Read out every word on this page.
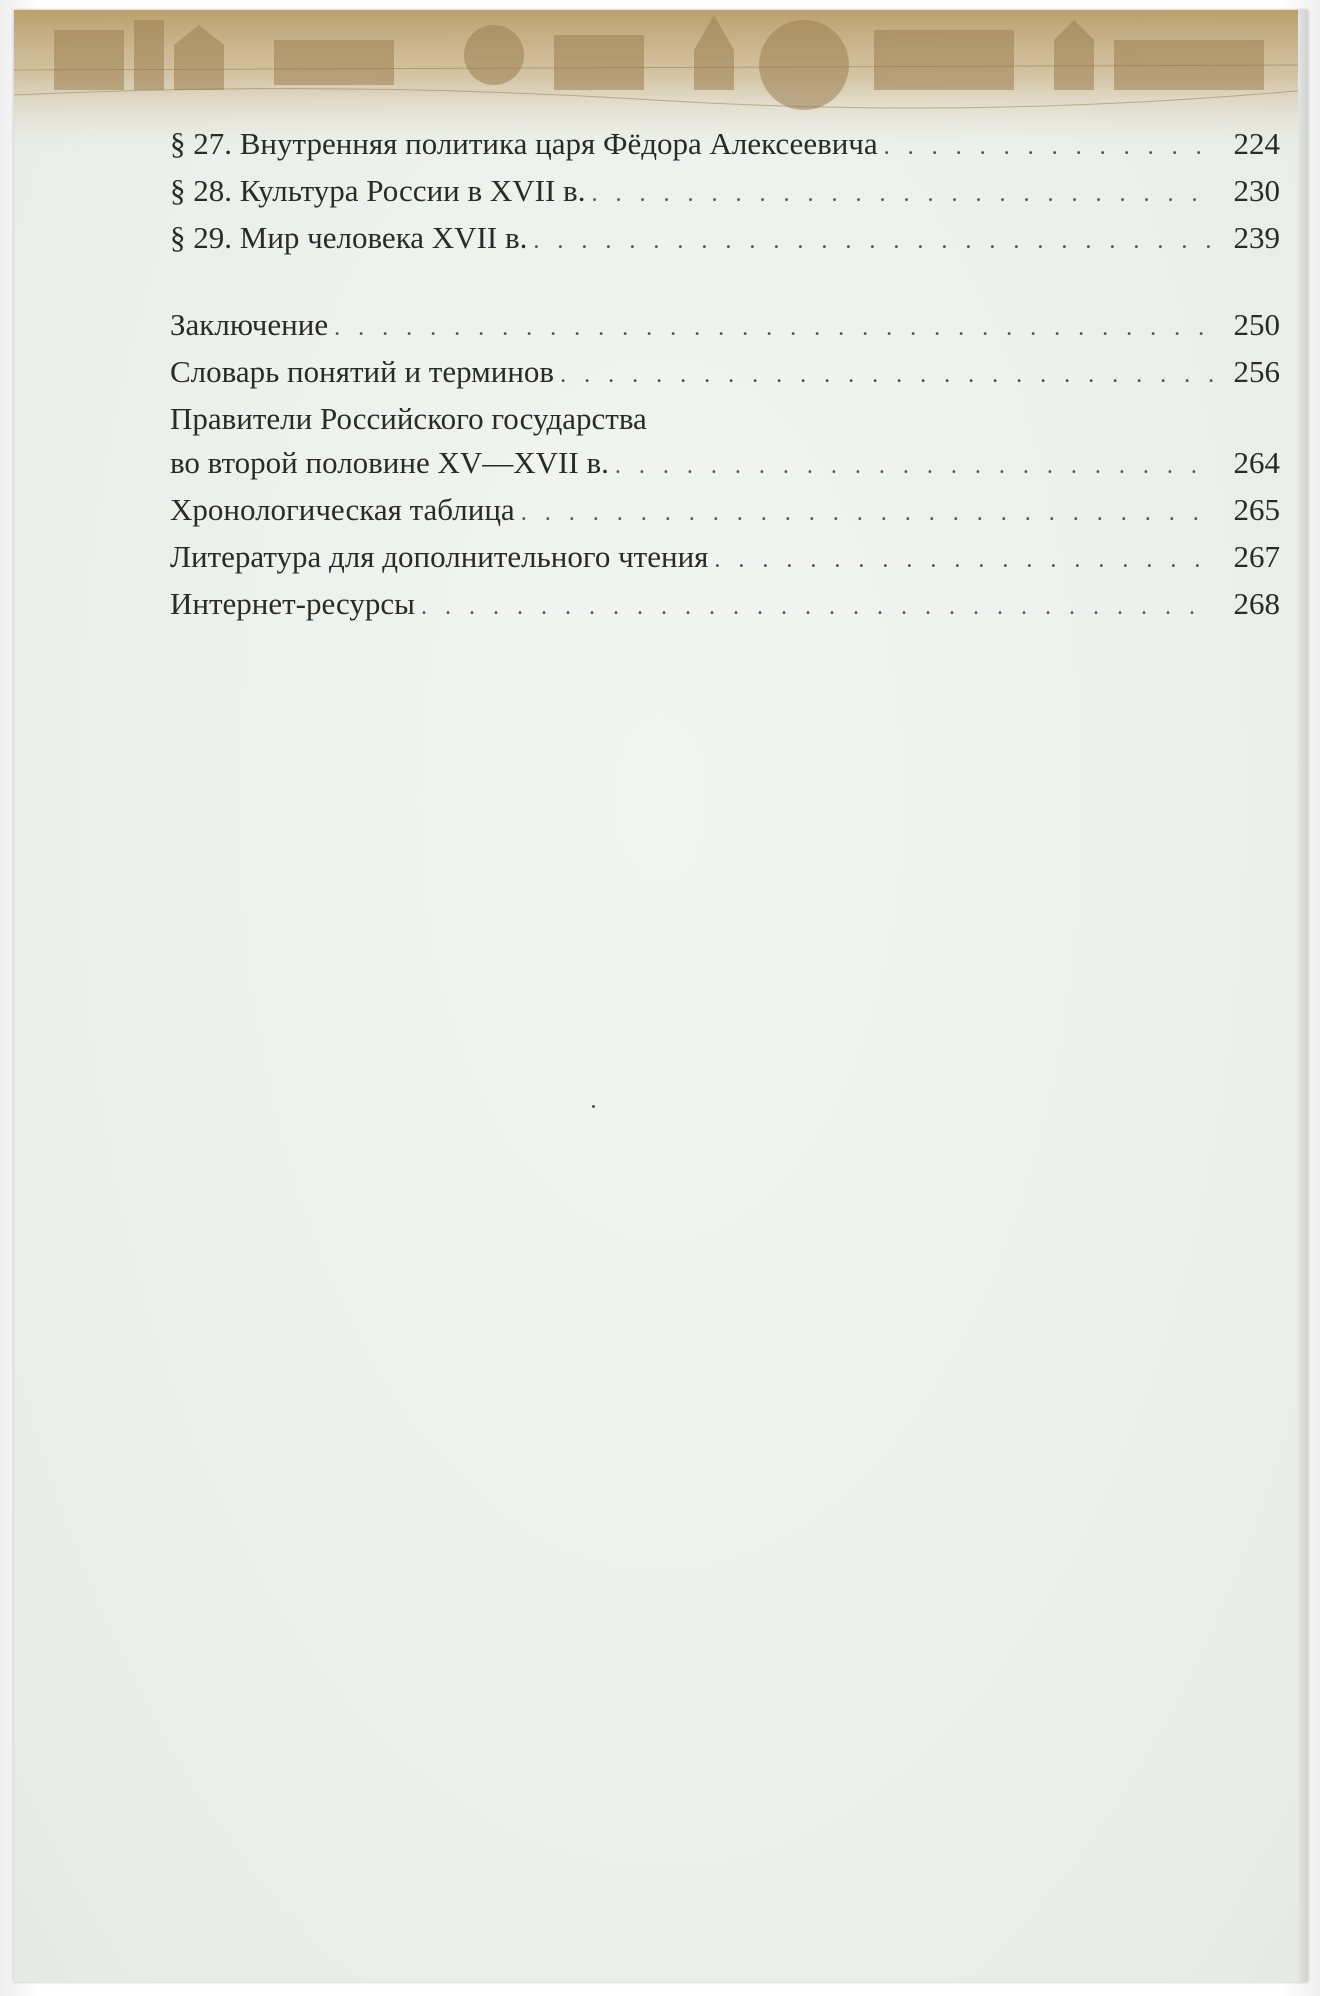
§ 27. Внутренняя политика царя Фёдора Алексеевича . . .	224
§ 28. Культура России в XVII в. . . .	230
§ 29. Мир человека XVII в. . . .	239
Заключение . . .	250
Словарь понятий и терминов . . .	256
Правители Российского государства
во второй половине XV—XVII в. . . .	264
Хронологическая таблица . . .	265
Литература для дополнительного чтения . . .	267
Интернет-ресурсы . . .	268
